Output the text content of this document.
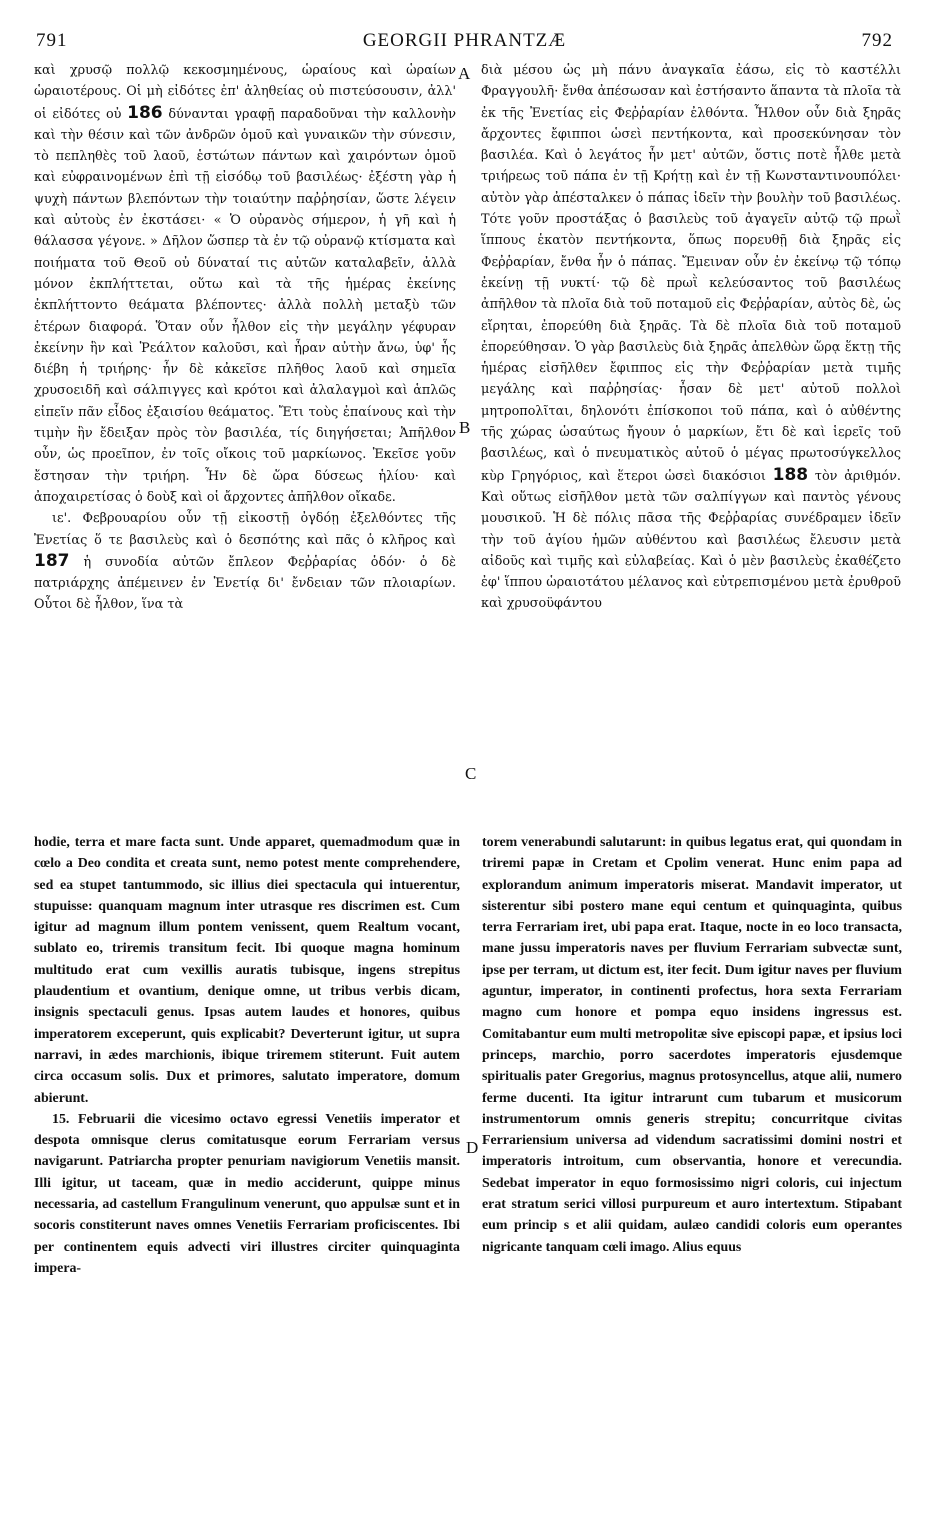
791	GEORGII PHRANTZÆ	792

καὶ χρυσῷ πολλῷ κεκοσμημένους, ὡραίους καὶ ὡραίων ὡραιοτέρους. Οἱ μὴ εἰδότες ἐπ' ἀληθείας οὐ πιστεύσουσιν, ἀλλ' οἱ εἰδότες οὐ 186 δύνανται γραφῇ παραδοῦναι τὴν καλλονὴν καὶ τὴν θέσιν καὶ τῶν ἀνδρῶν ὁμοῦ καὶ γυναικῶν τὴν σύνεσιν, τὸ πεπληθὲς τοῦ λαοῦ, ἑστώτων πάντων καὶ χαιρόντων ὁμοῦ καὶ εὐφραινομένων ἐπὶ τῇ εἰσόδῳ τοῦ βασιλέως· ἐξέστη γὰρ ἡ ψυχὴ πάντων βλεπόντων τὴν τοιαύτην παῤῥησίαν, ὥστε λέγειν καὶ αὐτοὺς ἐν ἐκστάσει· « Ὁ οὐρανὸς σήμερον, ἡ γῆ καὶ ἡ θάλασσα γέγονε. » Δῆλον ὥσπερ τὰ ἐν τῷ οὐρανῷ κτίσματα καὶ ποιήματα τοῦ Θεοῦ οὐ δύναταί τις αὐτῶν καταλαβεῖν, ἀλλὰ μόνον ἐκπλήττεται, οὕτω καὶ τὰ τῆς ἡμέρας ἐκείνης ἐκπλήττοντο θεάματα βλέποντες· ἀλλὰ πολλὴ μεταξὺ τῶν ἑτέρων διαφορά. Ὅταν οὖν ἦλθον εἰς τὴν μεγάλην γέφυραν ἐκείνην ἣν καὶ Ῥεάλτον καλοῦσι, καὶ ἦραν αὐτὴν ἄνω, ὑφ' ἧς διέβη ἡ τριήρης· ἦν δὲ κἀκεῖσε πλῆθος λαοῦ καὶ σημεῖα χρυσοειδῆ καὶ σάλπιγγες καὶ κρότοι καὶ ἀλαλαγμοὶ καὶ ἁπλῶς εἰπεῖν πᾶν εἶδος ἐξαισίου θεάματος. Ἔτι τοὺς ἐπαίνους καὶ τὴν τιμὴν ἣν ἔδειξαν πρὸς τὸν βασιλέα, τίς διηγήσεται; Ἀπῆλθον οὖν, ὡς προεῖπον, ἐν τοῖς οἴκοις τοῦ μαρκίωνος. Ἐκεῖσε γοῦν ἔστησαν τὴν τριήρη. Ἦν δὲ ὥρα δύσεως ἡλίου· καὶ ἀποχαιρετίσας ὁ δοὺξ καὶ οἱ ἄρχοντες ἀπῆλθον οἴκαδε.

ιε'. Φεβρουαρίου οὖν τῇ εἰκοστῇ ὀγδόῃ ἐξελθόντες τῆς Ἐνετίας ὅ τε βασιλεὺς καὶ ὁ δεσπότης καὶ πᾶς ὁ κλῆρος καὶ 187 ἡ συνοδία αὐτῶν ἔπλεον Φεῤῥαρίας ὁδόν· ὁ δὲ πατριάρχης ἀπέμεινεν ἐν Ἐνετίᾳ δι' ἔνδειαν τῶν πλοιαρίων. Οὗτοι δὲ ἦλθον, ἵνα τὰ

διὰ μέσου ὡς μὴ πάνυ ἀναγκαῖα ἐάσω, εἰς τὸ καστέλλι Φραγγουλῆ· ἔνθα ἀπέσωσαν καὶ ἐστήσαντο ἅπαντα τὰ πλοῖα τὰ ἐκ τῆς Ἐνετίας εἰς Φεῤῥαρίαν ἐλθόντα. Ἦλθον οὖν διὰ ξηρᾶς ἄρχοντες ἔφιπποι ὡσεὶ πεντήκοντα, καὶ προσεκύνησαν τὸν βασιλέα. Καὶ ὁ λεγάτος ἦν μετ' αὐτῶν, ὅστις ποτὲ ἦλθε μετὰ τριήρεως τοῦ πάπα ἐν τῇ Κρήτῃ καὶ ἐν τῇ Κωνσταντινουπόλει· αὐτὸν γὰρ ἀπέσταλκεν ὁ πάπας ἰδεῖν τὴν βουλὴν τοῦ βασιλέως. Τότε γοῦν προστάξας ὁ βασιλεὺς τοῦ ἀγαγεῖν αὐτῷ τῷ πρωῒ ἵππους ἑκατὸν πεντήκοντα, ὅπως πορευθῇ διὰ ξηρᾶς εἰς Φεῤῥαρίαν, ἔνθα ἦν ὁ πάπας. Ἔμειναν οὖν ἐν ἐκείνῳ τῷ τόπῳ ἐκείνῃ τῇ νυκτί· τῷ δὲ πρωῒ κελεύσαντος τοῦ βασιλέως ἀπῆλθον τὰ πλοῖα διὰ τοῦ ποταμοῦ εἰς Φεῤῥαρίαν, αὐτὸς δὲ, ὡς εἴρηται, ἐπορεύθη διὰ ξηρᾶς. Τὰ δὲ πλοῖα διὰ τοῦ ποταμοῦ ἐπορεύθησαν. Ὁ γὰρ βασιλεὺς διὰ ξηρᾶς ἀπελθὼν ὥρᾳ ἕκτῃ τῆς ἡμέρας εἰσῆλθεν ἔφιππος εἰς τὴν Φεῤῥαρίαν μετὰ τιμῆς μεγάλης καὶ παῤῥησίας· ἦσαν δὲ μετ' αὐτοῦ πολλοὶ μητροπολῖται, δηλονότι ἐπίσκοποι τοῦ πάπα, καὶ ὁ αὐθέντης τῆς χώρας ὡσαύτως ἤγουν ὁ μαρκίων, ἔτι δὲ καὶ ἱερεῖς τοῦ βασιλέως, καὶ ὁ πνευματικὸς αὐτοῦ ὁ μέγας πρωτοσύγκελλος κὺρ Γρηγόριος, καὶ ἕτεροι ὡσεὶ διακόσιοι 188 τὸν ἀριθμόν. Καὶ οὕτως εἰσῆλθον μετὰ τῶν σαλπίγγων καὶ παντὸς γένους μουσικοῦ. Ἡ δὲ πόλις πᾶσα τῆς Φεῤῥαρίας συνέδραμεν ἰδεῖν τὴν τοῦ ἁγίου ἡμῶν αὐθέντου καὶ βασιλέως ἔλευσιν μετὰ αἰδοῦς καὶ τιμῆς καὶ εὐλαβείας. Καὶ ὁ μὲν βασιλεὺς ἐκαθέζετο ἐφ' ἵππου ὡραιοτάτου μέλανος καὶ εὐτρεπισμένου μετὰ ἐρυθροῦ καὶ χρυσοϋφάντου

A
B
C
D

hodie, terra et mare facta sunt. Unde apparet, quemadmodum quæ in cœlo a Deo condita et creata sunt, nemo potest mente comprehendere, sed ea stupet tantummodo, sic illius diei spectacula qui intuerentur, stupuisse: quanquam magnum inter utrasque res discrimen est. Cum igitur ad magnum illum pontem venissent, quem Realtum vocant, sublato eo, triremis transitum fecit. Ibi quoque magna hominum multitudo erat cum vexillis auratis tubisque, ingens strepitus plaudentium et ovantium, denique omne, ut tribus verbis dicam, insignis spectaculi genus. Ipsas autem laudes et honores, quibus imperatorem exceperunt, quis explicabit? Deverterunt igitur, ut supra narravi, in ædes marchionis, ibique triremem stiterunt. Fuit autem circa occasum solis. Dux et primores, salutato imperatore, domum abierunt.

15. Februarii die vicesimo octavo egressi Venetiis imperator et despota omnisque clerus comitatusque eorum Ferrariam versus navigarunt. Patriarcha propter penuriam navigiorum Venetiis mansit. Illi igitur, ut taceam, quæ in medio acciderunt, quippe minus necessaria, ad castellum Frangulinum venerunt, quo appulsæ sunt et in socoris constiterunt naves omnes Venetiis Ferrariam proficiscentes. Ibi per continentem equis advecti viri illustres circiter quinquaginta impera-

torem venerabundi salutarunt: in quibus legatus erat, qui quondam in triremi papæ in Cretam et Cpolim venerat. Hunc enim papa ad explorandum animum imperatoris miserat. Mandavit imperator, ut sisterentur sibi postero mane equi centum et quinquaginta, quibus terra Ferrariam iret, ubi papa erat. Itaque, nocte in eo loco transacta, mane jussu imperatoris naves per fluvium Ferrariam subvectæ sunt, ipse per terram, ut dictum est, iter fecit. Dum igitur naves per fluvium aguntur, imperator, in continenti profectus, hora sexta Ferrariam magno cum honore et pompa equo insidens ingressus est. Comitabantur eum multi metropolitæ sive episcopi papæ, et ipsius loci princeps, marchio, porro sacerdotes imperatoris ejusdemque spiritualis pater Gregorius, magnus protosyncellus, atque alii, numero ferme ducenti. Ita igitur intrarunt cum tubarum et musicorum instrumentorum omnis generis strepitu; concurritque civitas Ferrariensium universa ad videndum sacratissimi domini nostri et imperatoris introitum, cum observantia, honore et verecundia. Sedebat imperator in equo formosissimo nigri coloris, cui injectum erat stratum serici villosi purpureum et auro intertextum. Stipabant eum princip s et alii quidam, aulæo candidi coloris eum operantes nigricante tanquam cœli imago. Alius equus
